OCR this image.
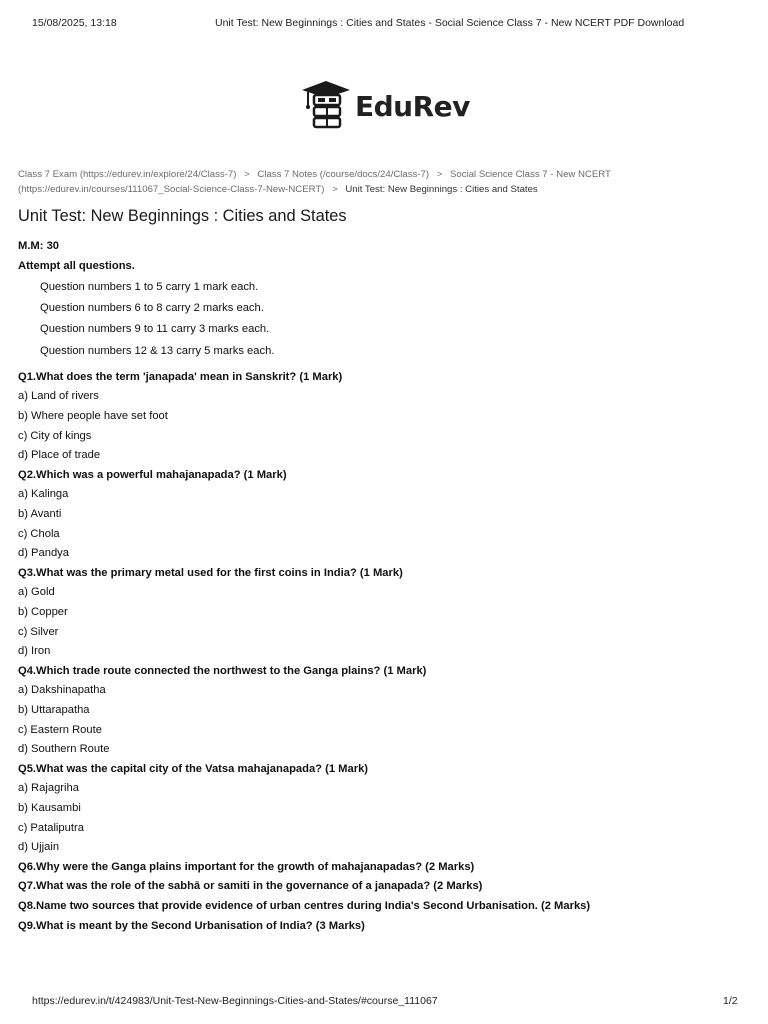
15/08/2025, 13:18	Unit Test: New Beginnings : Cities and States - Social Science Class 7 - New NCERT PDF Download
EduRev
Class 7 Exam (https://edurev.in/explore/24/Class-7) > Class 7 Notes (/course/docs/24/Class-7) > Social Science Class 7 - New NCERT
(https://edurev.in/courses/111067_Social-Science-Class-7-New-NCERT) > Unit Test: New Beginnings : Cities and States
Unit Test: New Beginnings : Cities and States
M.M: 30
Attempt all questions.
Question numbers 1 to 5 carry 1 mark each.
Question numbers 6 to 8 carry 2 marks each.
Question numbers 9 to 11 carry 3 marks each.
Question numbers 12 & 13 carry 5 marks each.
Q1.What does the term 'janapada' mean in Sanskrit? (1 Mark)
a) Land of rivers
b) Where people have set foot
c) City of kings
d) Place of trade
Q2.Which was a powerful mahajanapada? (1 Mark)
a) Kalinga
b) Avanti
c) Chola
d) Pandya
Q3.What was the primary metal used for the first coins in India? (1 Mark)
a) Gold
b) Copper
c) Silver
d) Iron
Q4.Which trade route connected the northwest to the Ganga plains? (1 Mark)
a) Dakshinapatha
b) Uttarapatha
c) Eastern Route
d) Southern Route
Q5.What was the capital city of the Vatsa mahajanapada? (1 Mark)
a) Rajagriha
b) Kausambi
c) Pataliputra
d) Ujjain
Q6.Why were the Ganga plains important for the growth of mahajanapadas? (2 Marks)
Q7.What was the role of the sabhā or samiti in the governance of a janapada? (2 Marks)
Q8.Name two sources that provide evidence of urban centres during India's Second Urbanisation. (2 Marks)
Q9.What is meant by the Second Urbanisation of India? (3 Marks)
https://edurev.in/t/424983/Unit-Test-New-Beginnings-Cities-and-States/#course_111067	1/2
